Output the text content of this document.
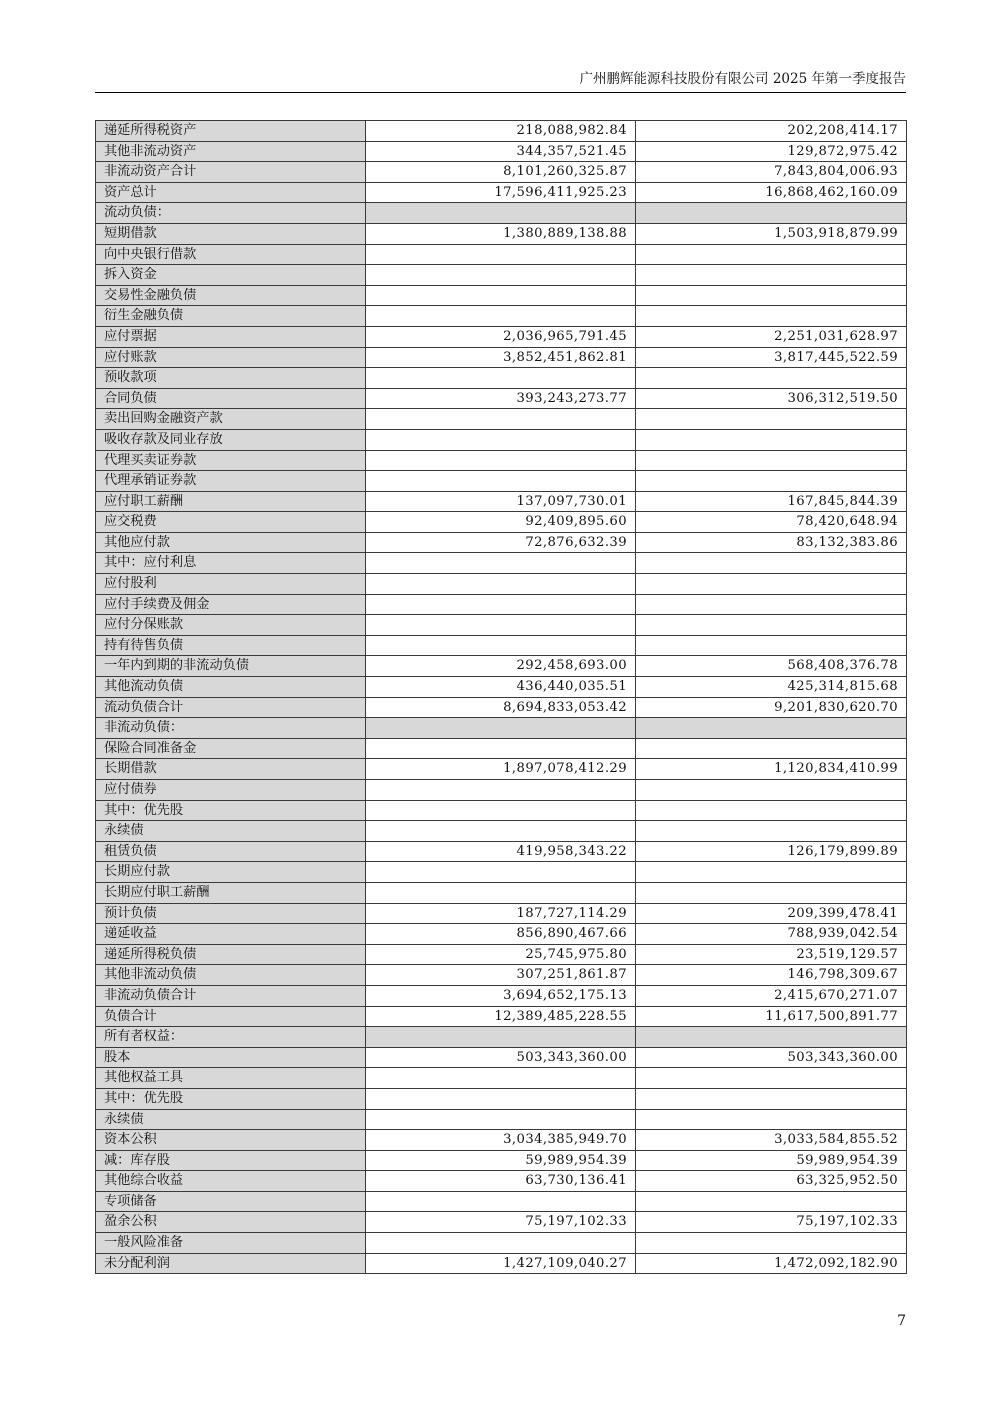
广州鹏辉能源科技股份有限公司 2025 年第一季度报告
递延所得税资产	218,088,982.84	202,208,414.17
其他非流动资产	344,357,521.45	129,872,975.42
非流动资产合计	8,101,260,325.87	7,843,804,006.93
资产总计	17,596,411,925.23	16,868,462,160.09
流动负债：		
短期借款	1,380,889,138.88	1,503,918,879.99
向中央银行借款		
拆入资金		
交易性金融负债		
衍生金融负债		
应付票据	2,036,965,791.45	2,251,031,628.97
应付账款	3,852,451,862.81	3,817,445,522.59
预收款项		
合同负债	393,243,273.77	306,312,519.50
卖出回购金融资产款		
吸收存款及同业存放		
代理买卖证券款		
代理承销证券款		
应付职工薪酬	137,097,730.01	167,845,844.39
应交税费	92,409,895.60	78,420,648.94
其他应付款	72,876,632.39	83,132,383.86
其中：应付利息		
应付股利		
应付手续费及佣金		
应付分保账款		
持有待售负债		
一年内到期的非流动负债	292,458,693.00	568,408,376.78
其他流动负债	436,440,035.51	425,314,815.68
流动负债合计	8,694,833,053.42	9,201,830,620.70
非流动负债：		
保险合同准备金		
长期借款	1,897,078,412.29	1,120,834,410.99
应付债券		
其中：优先股		
永续债		
租赁负债	419,958,343.22	126,179,899.89
长期应付款		
长期应付职工薪酬		
预计负债	187,727,114.29	209,399,478.41
递延收益	856,890,467.66	788,939,042.54
递延所得税负债	25,745,975.80	23,519,129.57
其他非流动负债	307,251,861.87	146,798,309.67
非流动负债合计	3,694,652,175.13	2,415,670,271.07
负债合计	12,389,485,228.55	11,617,500,891.77
所有者权益：		
股本	503,343,360.00	503,343,360.00
其他权益工具		
其中：优先股		
永续债		
资本公积	3,034,385,949.70	3,033,584,855.52
减：库存股	59,989,954.39	59,989,954.39
其他综合收益	63,730,136.41	63,325,952.50
专项储备		
盈余公积	75,197,102.33	75,197,102.33
一般风险准备		
未分配利润	1,427,109,040.27	1,472,092,182.90
7
